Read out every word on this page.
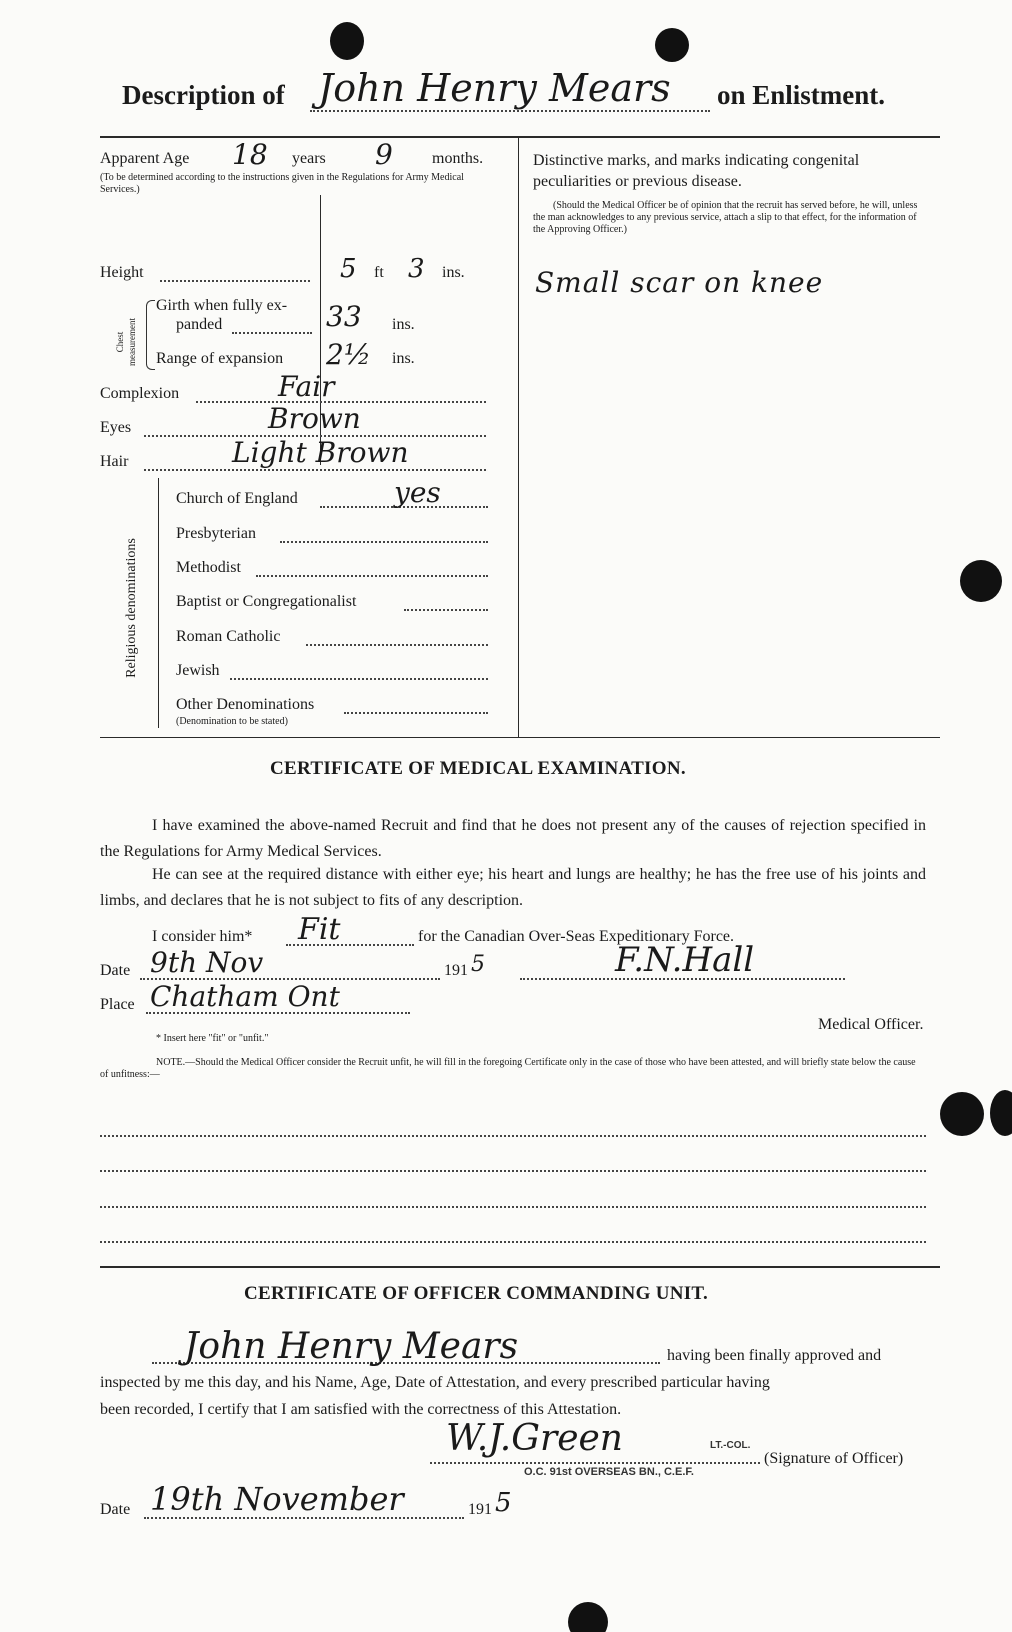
Description of John Henry Mears on Enlistment.
Apparent Age 18 years 9 months.
(To be determined according to the instructions given in the Regulations for Army Medical Services.)
Height	5 ft 3 ins.
Chest measurement
Girth when fully ex-
panded	33 ins.
Range of expansion 2½ ins.
Complexion	Fair
Eyes	Brown
Hair	Light Brown
Religious denominations
Church of England	yes
Presbyterian
Methodist
Baptist or Congregationalist
Roman Catholic
Jewish
Other Denominations
(Denomination to be stated)
Distinctive marks, and marks indicating congenital
peculiarities or previous disease.
(Should the Medical Officer be of opinion that the recruit has served before, he will, unless the man acknowledges to any previous service, attach a slip to that effect, for the information of the Approving Officer.)
Small scar on knee
CERTIFICATE OF MEDICAL EXAMINATION.
I have examined the above-named Recruit and find that he does not present any of the causes of rejection specified in the Regulations for Army Medical Services.
He can see at the required distance with either eye; his heart and lungs are healthy; he has the free use of his joints and limbs, and declares that he is not subject to fits of any description.
I consider him* Fit	for the Canadian Over-Seas Expeditionary Force.
Date 9th Nov	191 5	F.N.Hall
Place Chatham Ont
Medical Officer.
* Insert here "fit" or "unfit."
NOTE.—Should the Medical Officer consider the Recruit unfit, he will fill in the foregoing Certificate only in the case of those who have been attested, and will briefly state below the cause of unfitness:—
CERTIFICATE OF OFFICER COMMANDING UNIT.
John Henry Mears	having been finally approved and
inspected by me this day, and his Name, Age, Date of Attestation, and every prescribed particular having
been recorded, I certify that I am satisfied with the correctness of this Attestation.
W.J.Green	LT.-COL.
O.C. 91st OVERSEAS BN., C.E.F.
(Signature of Officer)
Date 19th November	191 5
